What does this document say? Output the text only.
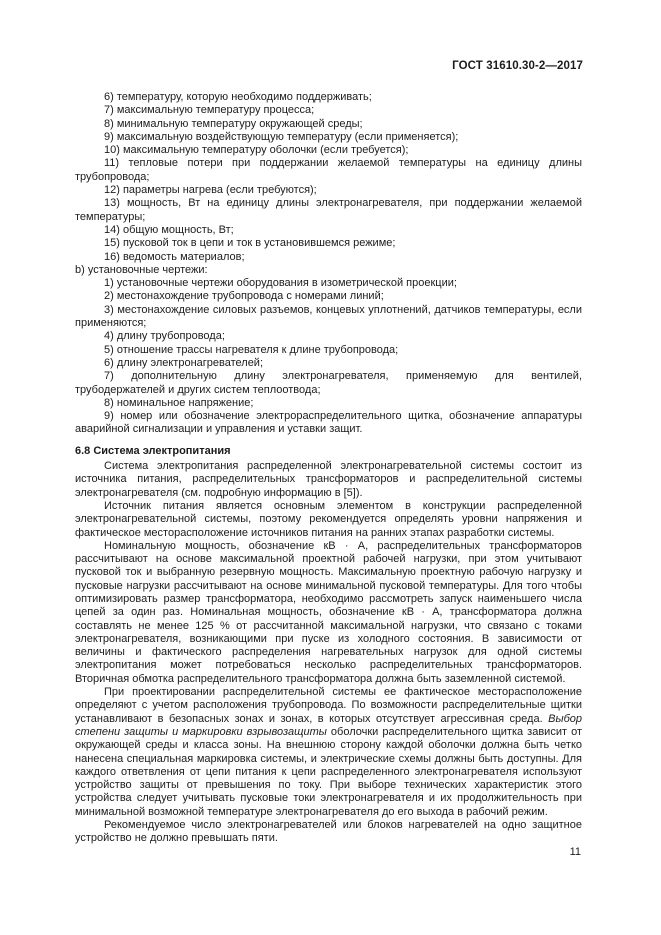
ГОСТ 31610.30-2—2017

6) температуру, которую необходимо поддерживать;

7) максимальную температуру процесса;

8) минимальную температуру окружающей среды;

9) максимальную воздействующую температуру (если применяется);

10) максимальную температуру оболочки (если требуется);

11) тепловые потери при поддержании желаемой температуры на единицу длины трубопровода;

12) параметры нагрева (если требуются);

13) мощность, Вт на единицу длины электронагревателя, при поддержании желаемой температуры;

14) общую мощность, Вт;

15) пусковой ток в цепи и ток в установившемся режиме;

16) ведомость материалов;

b) установочные чертежи:

1) установочные чертежи оборудования в изометрической проекции;

2) местонахождение трубопровода с номерами линий;

3) местонахождение силовых разъемов, концевых уплотнений, датчиков температуры, если применяются;

4) длину трубопровода;

5) отношение трассы нагревателя к длине трубопровода;

6) длину электронагревателей;

7) дополнительную длину электронагревателя, применяемую для вентилей, трубодержателей и других систем теплоотвода;

8) номинальное напряжение;

9) номер или обозначение электрораспределительного щитка, обозначение аппаратуры аварийной сигнализации и управления и уставки защит.

6.8 Система электропитания

Система электропитания распределенной электронагревательной системы состоит из источника питания, распределительных трансформаторов и распределительной системы электронагревателя (см. подробную информацию в [5]).

Источник питания является основным элементом в конструкции распределенной электронагревательной системы, поэтому рекомендуется определять уровни напряжения и фактическое месторасположение источников питания на ранних этапах разработки системы.

Номинальную мощность, обозначение кВ · А, распределительных трансформаторов рассчитывают на основе максимальной проектной рабочей нагрузки, при этом учитывают пусковой ток и выбранную резервную мощность. Максимальную проектную рабочую нагрузку и пусковые нагрузки рассчитывают на основе минимальной пусковой температуры. Для того чтобы оптимизировать размер трансформатора, необходимо рассмотреть запуск наименьшего числа цепей за один раз. Номинальная мощность, обозначение кВ · А, трансформатора должна составлять не менее 125 % от рассчитанной максимальной нагрузки, что связано с токами электронагревателя, возникающими при пуске из холодного состояния. В зависимости от величины и фактического распределения нагревательных нагрузок для одной системы электропитания может потребоваться несколько распределительных трансформаторов. Вторичная обмотка распределительного трансформатора должна быть заземленной системой.

При проектировании распределительной системы ее фактическое месторасположение определяют с учетом расположения трубопровода. По возможности распределительные щитки устанавливают в безопасных зонах и зонах, в которых отсутствует агрессивная среда. Выбор степени защиты и маркировки взрывозащиты оболочки распределительного щитка зависит от окружающей среды и класса зоны. На внешнюю сторону каждой оболочки должна быть четко нанесена специальная маркировка системы, и электрические схемы должны быть доступны. Для каждого ответвления от цепи питания к цепи распределенного электронагревателя используют устройство защиты от превышения по току. При выборе технических характеристик этого устройства следует учитывать пусковые токи электронагревателя и их продолжительность при минимальной возможной температуре электронагревателя до его выхода в рабочий режим.

Рекомендуемое число электронагревателей или блоков нагревателей на одно защитное устройство не должно превышать пяти.

11
